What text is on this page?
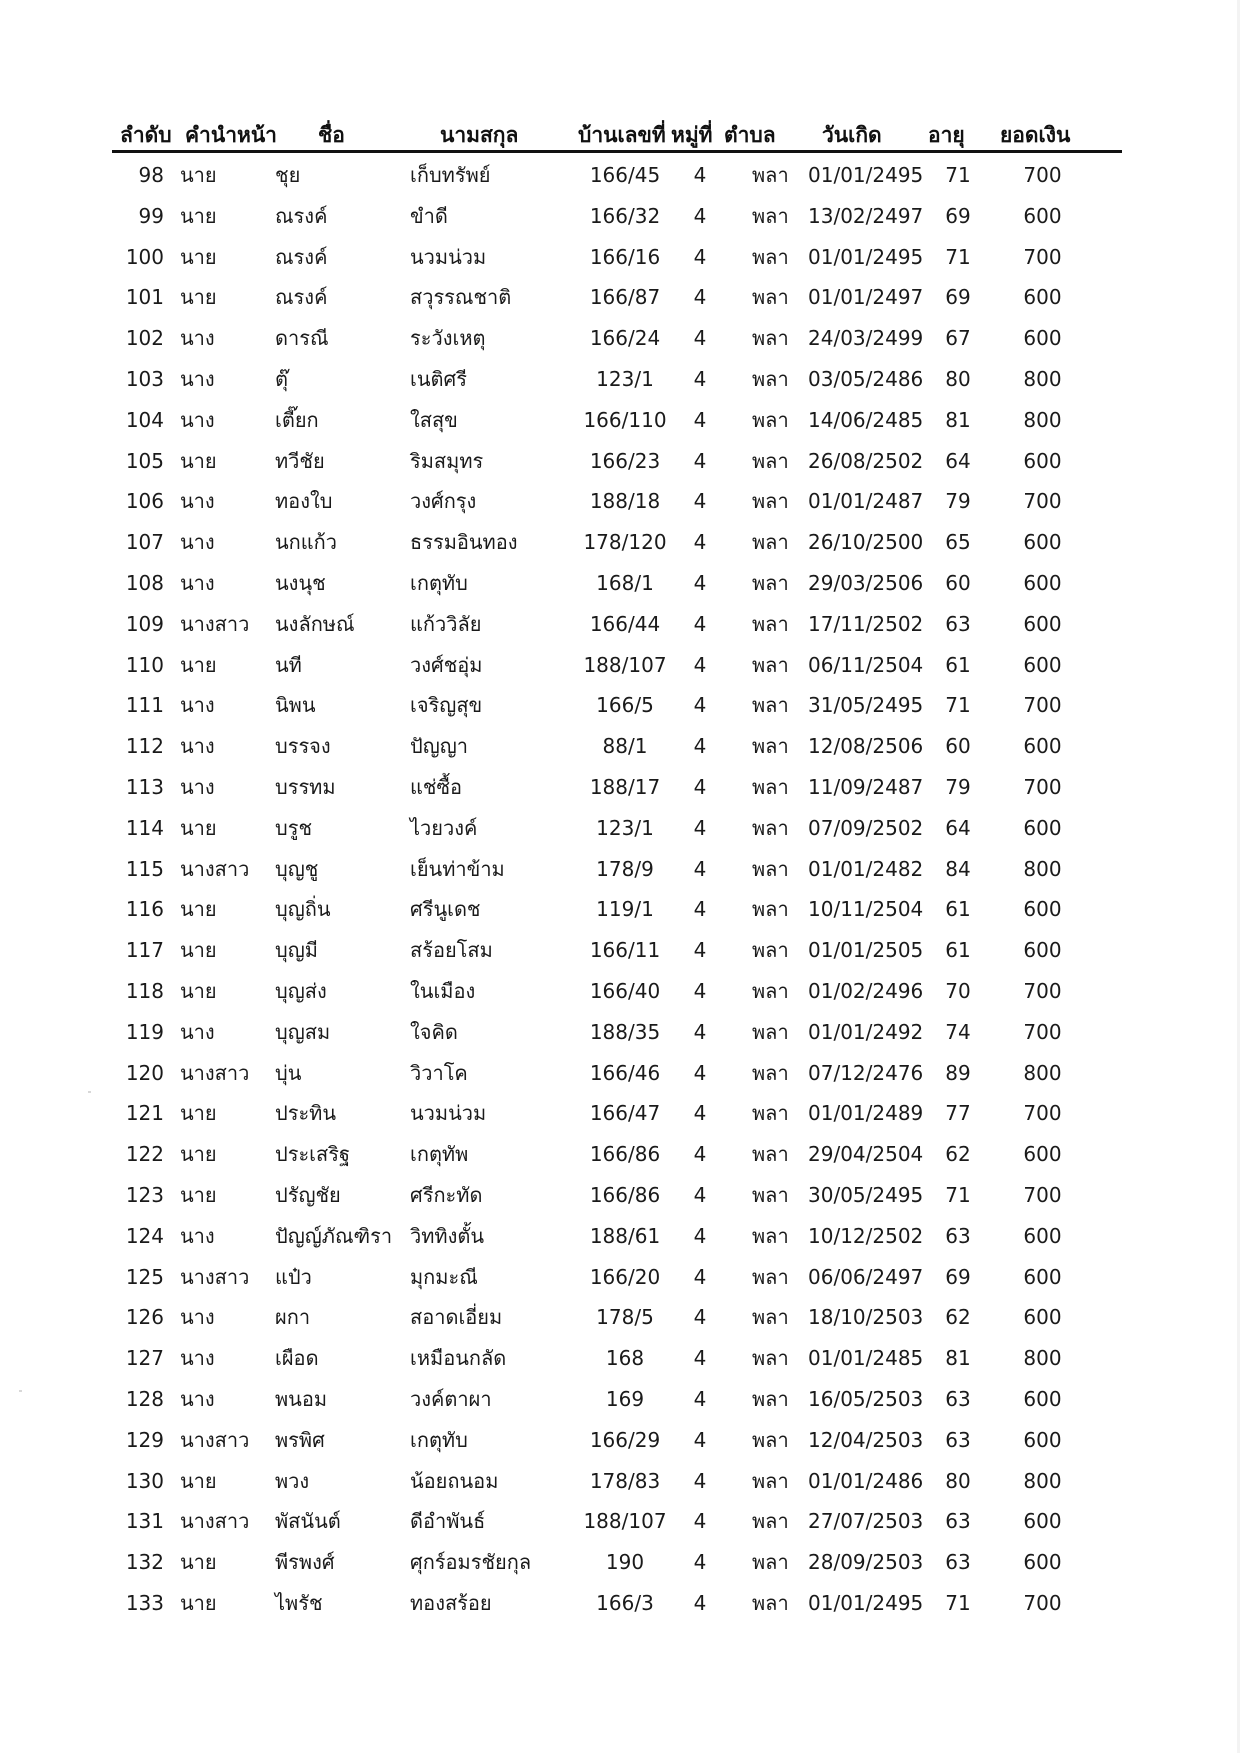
ลำดับ คำนำหน้า ชื่อ	นามสกุล	บ้านเลขที่ หมู่ที่ ตำบล วันเกิด อายุ ยอดเงิน
98 นาย	ชุย	เก็บทรัพย์	166/45	4	พลา 01/01/2495	71	700
99 นาย	ณรงค์	ขำดี	166/32	4	พลา 13/02/2497	69	600
100 นาย	ณรงค์	นวมน่วม	166/16	4	พลา 01/01/2495	71	700
101 นาย	ณรงค์	สวุรรณชาติ	166/87	4	พลา 01/01/2497	69	600
102 นาง	ดารณี	ระวังเหตุ	166/24	4	พลา 24/03/2499	67	600
103 นาง	ตุ๊	เนติศรี	123/1	4	พลา 03/05/2486	80	800
104 นาง	เตี๊ยก	ใสสุข	166/110	4	พลา 14/06/2485	81	800
105 นาย	ทวีชัย	ริมสมุทร	166/23	4	พลา 26/08/2502	64	600
106 นาง	ทองใบ	วงศ์กรุง	188/18	4	พลา 01/01/2487	79	700
107 นาง	นกแก้ว	ธรรมอินทอง	178/120	4	พลา 26/10/2500	65	600
108 นาง	นงนุช	เกตุทับ	168/1	4	พลา 29/03/2506	60	600
109 นางสาว นงลักษณ์	แก้ววิลัย	166/44	4	พลา 17/11/2502	63	600
110 นาย	นที	วงศ์ชอุ่ม	188/107	4	พลา 06/11/2504	61	600
111 นาง	นิพน	เจริญสุข	166/5	4	พลา 31/05/2495	71	700
112 นาง	บรรจง	ปัญญา	88/1	4	พลา 12/08/2506	60	600
113 นาง	บรรทม	แช่ซื้อ	188/17	4	พลา 11/09/2487	79	700
114 นาย	บรูช	ไวยวงค์	123/1	4	พลา 07/09/2502	64	600
115 นางสาว บุญชู	เย็นท่าข้าม	178/9	4	พลา 01/01/2482	84	800
116 นาย	บุญถิ่น	ศรีนูเดช	119/1	4	พลา 10/11/2504	61	600
117 นาย	บุญมี	สร้อยโสม	166/11	4	พลา 01/01/2505	61	600
118 นาย	บุญส่ง	ในเมือง	166/40	4	พลา 01/02/2496	70	700
119 นาง	บุญสม	ใจคิด	188/35	4	พลา 01/01/2492	74	700
120 นางสาว บุ่น	วิวาโค	166/46	4	พลา 07/12/2476	89	800
121 นาย	ประทิน	นวมน่วม	166/47	4	พลา 01/01/2489	77	700
122 นาย	ประเสริฐ	เกตุทัพ	166/86	4	พลา 29/04/2504	62	600
123 นาย	ปรัญชัย	ศรีกะทัด	166/86	4	พลา 30/05/2495	71	700
124 นาง	ปัญญ์ภัณฑิรา วิททิงตั้น	188/61	4	พลา 10/12/2502	63	600
125 นางสาว แป๋ว	มุกมะณี	166/20	4	พลา 06/06/2497	69	600
126 นาง	ผกา	สอาดเอี่ยม	178/5	4	พลา 18/10/2503	62	600
127 นาง	เผือด	เหมือนกลัด	168	4	พลา 01/01/2485	81	800
128 นาง	พนอม	วงค์ตาผา	169	4	พลา 16/05/2503	63	600
129 นางสาว พรพิศ	เกตุทับ	166/29	4	พลา 12/04/2503	63	600
130 นาย	พวง	น้อยถนอม	178/83	4	พลา 01/01/2486	80	800
131 นางสาว พัสนันต์	ดีอำพันธ์	188/107	4	พลา 27/07/2503	63	600
132 นาย	พีรพงศ์	ศุกร์อมรชัยกุล	190	4	พลา 28/09/2503	63	600
133 นาย	ไพรัช	ทองสร้อย	166/3	4	พลา 01/01/2495	71	700
